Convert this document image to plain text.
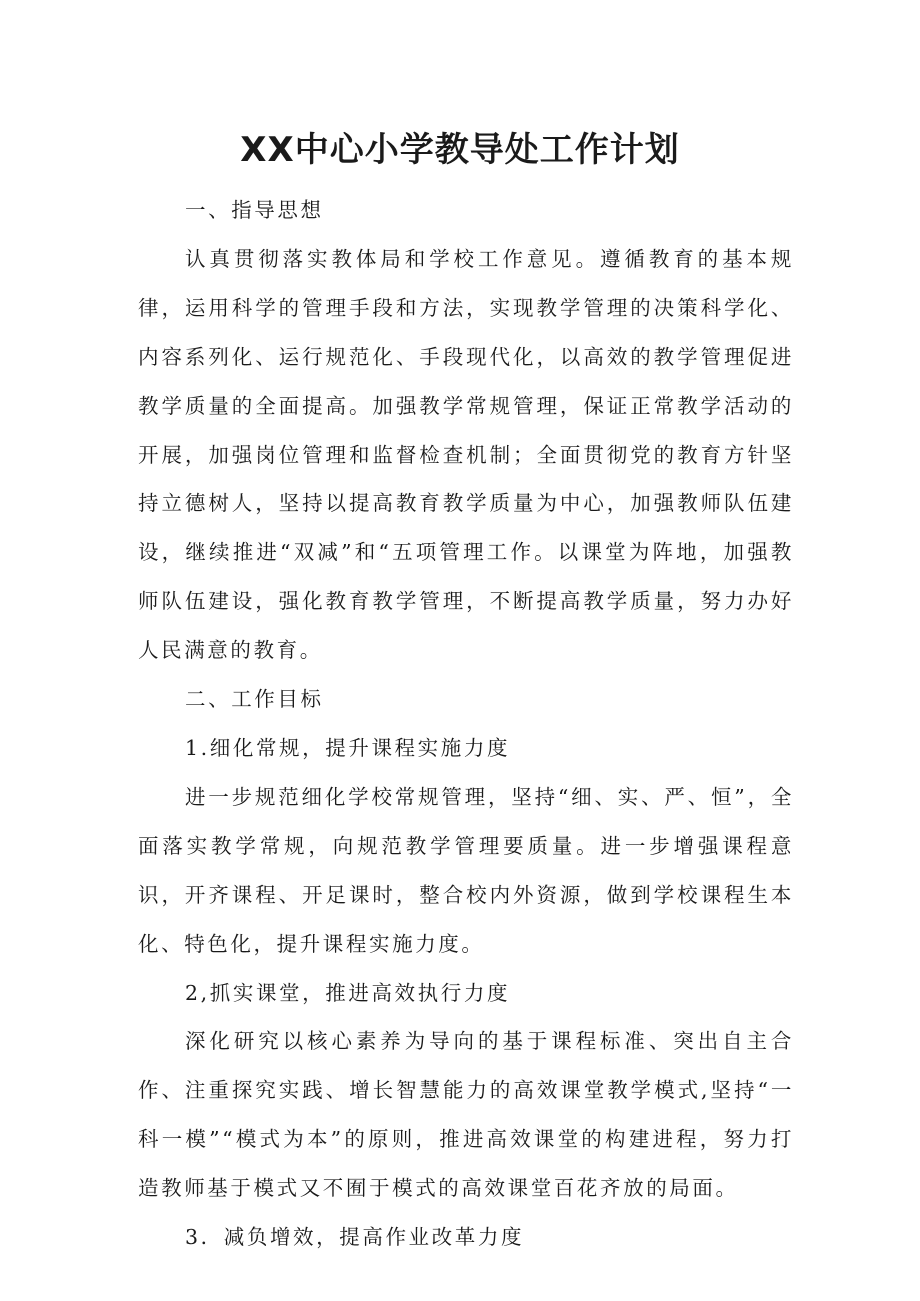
XX中心小学教导处工作计划

一、指导思想

认真贯彻落实教体局和学校工作意见。遵循教育的基本规律，运用科学的管理手段和方法，实现教学管理的决策科学化、内容系列化、运行规范化、手段现代化，以高效的教学管理促进教学质量的全面提高。加强教学常规管理，保证正常教学活动的开展，加强岗位管理和监督检查机制；全面贯彻党的教育方针坚持立德树人，坚持以提高教育教学质量为中心，加强教师队伍建设，继续推进“双减”和“五项管理工作。以课堂为阵地，加强教师队伍建设，强化教育教学管理，不断提高教学质量，努力办好人民满意的教育。

二、工作目标

1.细化常规，提升课程实施力度

进一步规范细化学校常规管理，坚持“细、实、严、恒”，全面落实教学常规，向规范教学管理要质量。进一步增强课程意识，开齐课程、开足课时，整合校内外资源，做到学校课程生本化、特色化，提升课程实施力度。

2,抓实课堂，推进高效执行力度

深化研究以核心素养为导向的基于课程标准、突出自主合作、注重探究实践、增长智慧能力的高效课堂教学模式,坚持“一科一模”“模式为本”的原则，推进高效课堂的构建进程，努力打造教师基于模式又不囿于模式的高效课堂百花齐放的局面。

3．减负增效，提高作业改革力度
